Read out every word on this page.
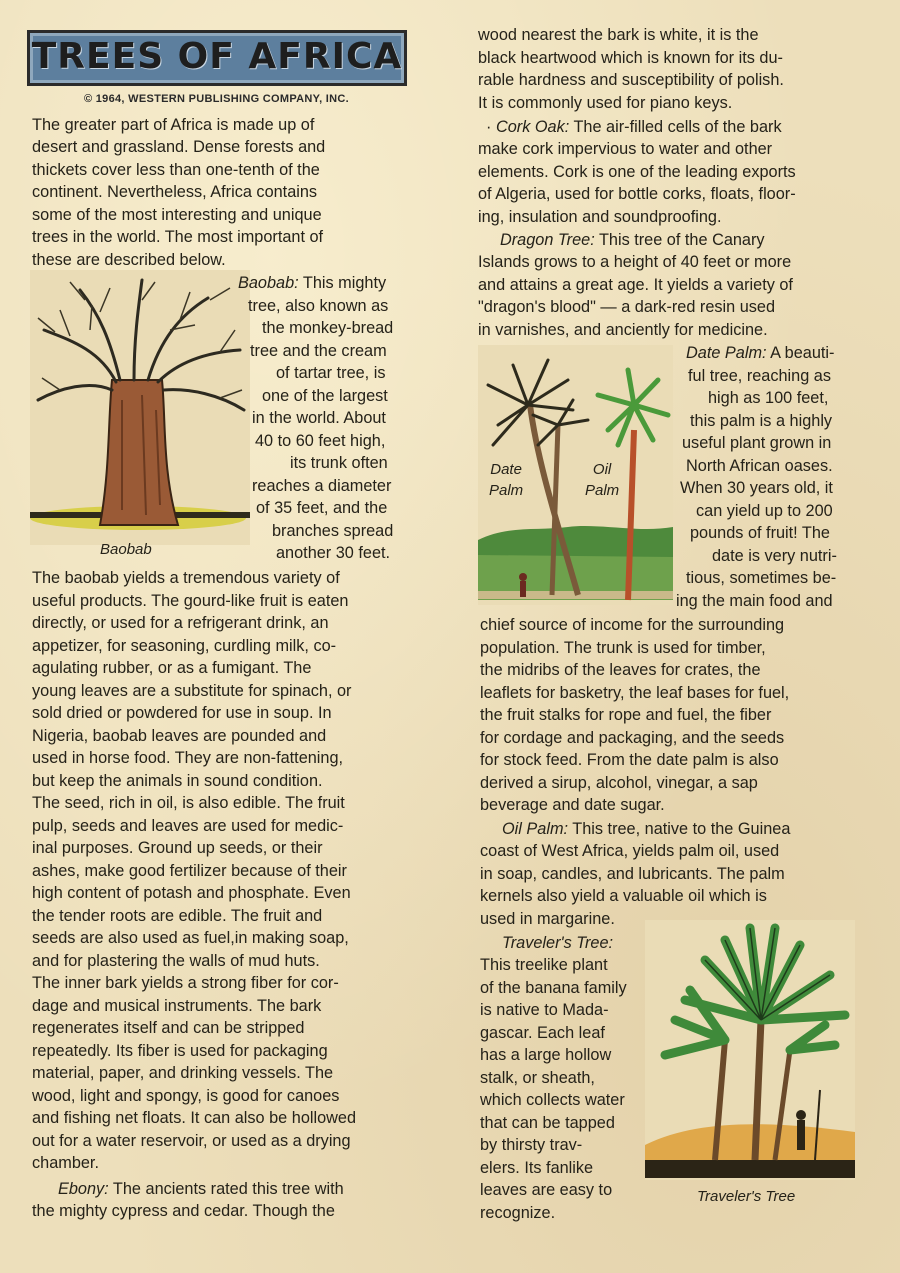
TREES OF AFRICA
© 1964, WESTERN PUBLISHING COMPANY, INC.
Baobab
Date
Palm
Oil
Palm
Traveler's Tree
The greater part of Africa is made up of
desert and grassland. Dense forests and
thickets cover less than one-tenth of the
continent. Nevertheless, Africa contains
some of the most interesting and unique
trees in the world. The most important of
these are described below.
Baobab: This mighty
tree, also known as
the monkey-bread
tree and the cream
of tartar tree, is
one of the largest
in the world. About
40 to 60 feet high,
its trunk often
reaches a diameter
of 35 feet, and the
branches spread
another 30 feet.
The baobab yields a tremendous variety of
useful products. The gourd-like fruit is eaten
directly, or used for a refrigerant drink, an
appetizer, for seasoning, curdling milk, co-
agulating rubber, or as a fumigant. The
young leaves are a substitute for spinach, or
sold dried or powdered for use in soup. In
Nigeria, baobab leaves are pounded and
used in horse food. They are non-fattening,
but keep the animals in sound condition.
The seed, rich in oil, is also edible. The fruit
pulp, seeds and leaves are used for medic-
inal purposes. Ground up seeds, or their
ashes, make good fertilizer because of their
high content of potash and phosphate. Even
the tender roots are edible. The fruit and
seeds are also used as fuel,in making soap,
and for plastering the walls of mud huts.
The inner bark yields a strong fiber for cor-
dage and musical instruments. The bark
regenerates itself and can be stripped
repeatedly. Its fiber is used for packaging
material, paper, and drinking vessels. The
wood, light and spongy, is good for canoes
and fishing net floats. It can also be hollowed
out for a water reservoir, or used as a drying
chamber.
Ebony: The ancients rated this tree with
the mighty cypress and cedar. Though the
wood nearest the bark is white, it is the
black heartwood which is known for its du-
rable hardness and susceptibility of polish.
It is commonly used for piano keys.
· Cork Oak: The air-filled cells of the bark
make cork impervious to water and other
elements. Cork is one of the leading exports
of Algeria, used for bottle corks, floats, floor-
ing, insulation and soundproofing.
Dragon Tree: This tree of the Canary
Islands grows to a height of 40 feet or more
and attains a great age. It yields a variety of
"dragon's blood" — a dark-red resin used
in varnishes, and anciently for medicine.
Date Palm: A beauti-
ful tree, reaching as
high as 100 feet,
this palm is a highly
useful plant grown in
North African oases.
When 30 years old, it
can yield up to 200
pounds of fruit! The
date is very nutri-
tious, sometimes be-
ing the main food and
chief source of income for the surrounding
population. The trunk is used for timber,
the midribs of the leaves for crates, the
leaflets for basketry, the leaf bases for fuel,
the fruit stalks for rope and fuel, the fiber
for cordage and packaging, and the seeds
for stock feed. From the date palm is also
derived a sirup, alcohol, vinegar, a sap
beverage and date sugar.
Oil Palm: This tree, native to the Guinea
coast of West Africa, yields palm oil, used
in soap, candles, and lubricants. The palm
kernels also yield a valuable oil which is
used in margarine.
Traveler's Tree:
This treelike plant
of the banana family
is native to Mada-
gascar. Each leaf
has a large hollow
stalk, or sheath,
which collects water
that can be tapped
by thirsty trav-
elers. Its fanlike
leaves are easy to
recognize.
